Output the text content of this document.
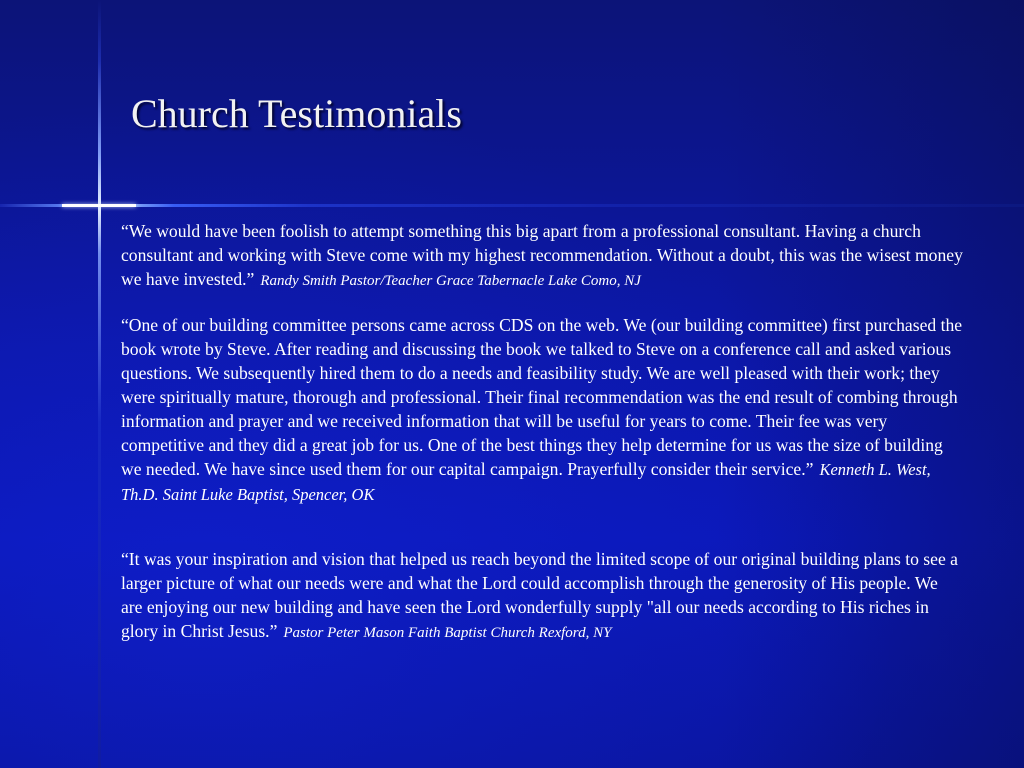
Church Testimonials

“We would have been foolish to attempt something this big apart from a professional consultant. Having a church consultant and working with Steve come with my highest recommendation. Without a doubt, this was the wisest money we have invested.” Randy Smith Pastor/Teacher Grace Tabernacle Lake Como, NJ

“One of our building committee persons came across CDS on the web. We (our building committee) first purchased the book wrote by Steve. After reading and discussing the book we talked to Steve on a conference call and asked various questions. We subsequently hired them to do a needs and feasibility study. We are well pleased with their work; they were spiritually mature, thorough and professional. Their final recommendation was the end result of combing through information and prayer and we received information that will be useful for years to come. Their fee was very competitive and they did a great job for us. One of the best things they help determine for us was the size of building we needed. We have since used them for our capital campaign. Prayerfully consider their service.” Kenneth L. West, Th.D. Saint Luke Baptist, Spencer, OK

“It was your inspiration and vision that helped us reach beyond the limited scope of our original building plans to see a larger picture of what our needs were and what the Lord could accomplish through the generosity of His people. We are enjoying our new building and have seen the Lord wonderfully supply "all our needs according to His riches in glory in Christ Jesus.” Pastor Peter Mason Faith Baptist Church Rexford, NY
